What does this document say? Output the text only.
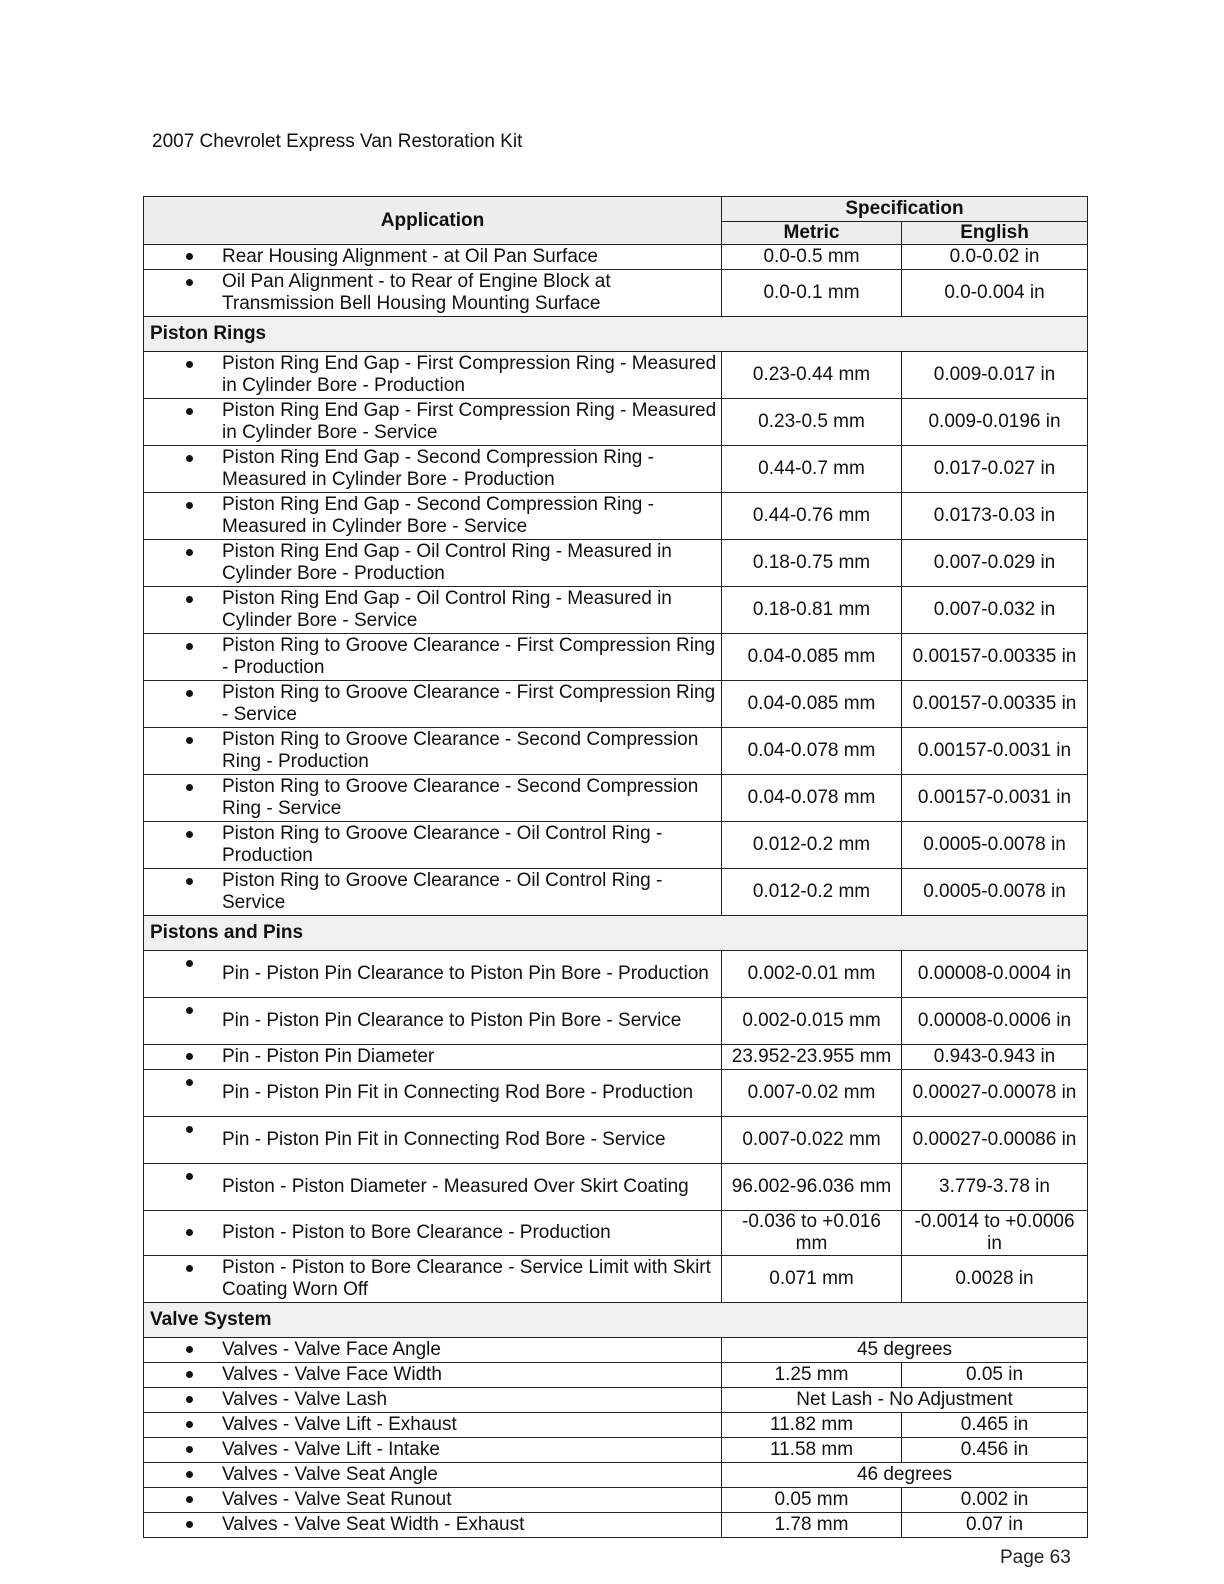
2007 Chevrolet Express Van Restoration Kit
Application	Specification	
	Metric	English

Rear Housing Alignment - at Oil Pan Surface	0.0-0.5 mm	0.0-0.02 in

Oil Pan Alignment - to Rear of Engine Block at Transmission Bell Housing Mounting Surface	0.0-0.1 mm	0.0-0.004 in
Piston Rings		

Piston Ring End Gap - First Compression Ring - Measured in Cylinder Bore - Production	0.23-0.44 mm	0.009-0.017 in

Piston Ring End Gap - First Compression Ring - Measured in Cylinder Bore - Service	0.23-0.5 mm	0.009-0.0196 in

Piston Ring End Gap - Second Compression Ring - Measured in Cylinder Bore - Production	0.44-0.7 mm	0.017-0.027 in

Piston Ring End Gap - Second Compression Ring - Measured in Cylinder Bore - Service	0.44-0.76 mm	0.0173-0.03 in

Piston Ring End Gap - Oil Control Ring - Measured in Cylinder Bore - Production	0.18-0.75 mm	0.007-0.029 in

Piston Ring End Gap - Oil Control Ring - Measured in Cylinder Bore - Service	0.18-0.81 mm	0.007-0.032 in

Piston Ring to Groove Clearance - First Compression Ring - Production	0.04-0.085 mm	0.00157-0.00335 in

Piston Ring to Groove Clearance - First Compression Ring - Service	0.04-0.085 mm	0.00157-0.00335 in

Piston Ring to Groove Clearance - Second Compression Ring - Production	0.04-0.078 mm	0.00157-0.0031 in

Piston Ring to Groove Clearance - Second Compression Ring - Service	0.04-0.078 mm	0.00157-0.0031 in

Piston Ring to Groove Clearance - Oil Control Ring - Production	0.012-0.2 mm	0.0005-0.0078 in

Piston Ring to Groove Clearance - Oil Control Ring - Service	0.012-0.2 mm	0.0005-0.0078 in
Pistons and Pins		

Pin - Piston Pin Clearance to Piston Pin Bore - Production	0.002-0.01 mm	0.00008-0.0004 in

Pin - Piston Pin Clearance to Piston Pin Bore - Service	0.002-0.015 mm	0.00008-0.0006 in

Pin - Piston Pin Diameter	23.952-23.955 mm	0.943-0.943 in

Pin - Piston Pin Fit in Connecting Rod Bore - Production	0.007-0.02 mm	0.00027-0.00078 in

Pin - Piston Pin Fit in Connecting Rod Bore - Service	0.007-0.022 mm	0.00027-0.00086 in

Piston - Piston Diameter - Measured Over Skirt Coating	96.002-96.036 mm	3.779-3.78 in

Piston - Piston to Bore Clearance - Production	-0.036 to +0.016 mm	-0.0014 to +0.0006 in

Piston - Piston to Bore Clearance - Service Limit with Skirt Coating Worn Off	0.071 mm	0.0028 in
Valve System		

Valves - Valve Face Angle	45 degrees	

Valves - Valve Face Width	1.25 mm	0.05 in

Valves - Valve Lash	Net Lash - No Adjustment	

Valves - Valve Lift - Exhaust	11.82 mm	0.465 in

Valves - Valve Lift - Intake	11.58 mm	0.456 in

Valves - Valve Seat Angle	46 degrees	

Valves - Valve Seat Runout	0.05 mm	0.002 in

Valves - Valve Seat Width - Exhaust	1.78 mm	0.07 in
Page 63
